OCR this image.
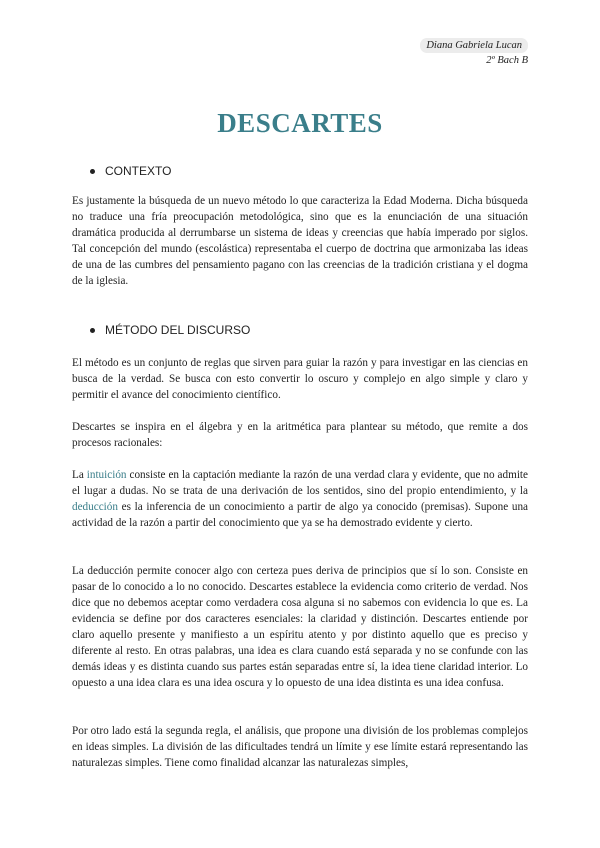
Diana Gabriela Lucan
2º Bach B
DESCARTES
CONTEXTO

Es justamente la búsqueda de un nuevo método lo que caracteriza la Edad Moderna. Dicha búsqueda no traduce una fría preocupación metodológica, sino que es la enunciación de una situación dramática producida al derrumbarse un sistema de ideas y creencias que había imperado por siglos. Tal concepción del mundo (escolástica) representaba el cuerpo de doctrina que armonizaba las ideas de una de las cumbres del pensamiento pagano con las creencias de la tradición cristiana y el dogma de la iglesia.

MÉTODO DEL DISCURSO

El método es un conjunto de reglas que sirven para guiar la razón y para investigar en las ciencias en busca de la verdad. Se busca con esto convertir lo oscuro y complejo en algo simple y claro y permitir el avance del conocimiento científico.

Descartes se inspira en el álgebra y en la aritmética para plantear su método, que remite a dos procesos racionales:

La intuición consiste en la captación mediante la razón de una verdad clara y evidente, que no admite el lugar a dudas. No se trata de una derivación de los sentidos, sino del propio entendimiento, y la deducción es la inferencia de un conocimiento a partir de algo ya conocido (premisas). Supone una actividad de la razón a partir del conocimiento que ya se ha demostrado evidente y cierto.

La deducción permite conocer algo con certeza pues deriva de principios que sí lo son. Consiste en pasar de lo conocido a lo no conocido. Descartes establece la evidencia como criterio de verdad. Nos dice que no debemos aceptar como verdadera cosa alguna si no sabemos con evidencia lo que es. La evidencia se define por dos caracteres esenciales: la claridad y distinción. Descartes entiende por claro aquello presente y manifiesto a un espíritu atento y por distinto aquello que es preciso y diferente al resto. En otras palabras, una idea es clara cuando está separada y no se confunde con las demás ideas y es distinta cuando sus partes están separadas entre sí, la idea tiene claridad interior. Lo opuesto a una idea clara es una idea oscura y lo opuesto de una idea distinta es una idea confusa.

Por otro lado está la segunda regla, el análisis, que propone una división de los problemas complejos en ideas simples. La división de las dificultades tendrá un límite y ese límite estará representando las naturalezas simples. Tiene como finalidad alcanzar las naturalezas simples,
